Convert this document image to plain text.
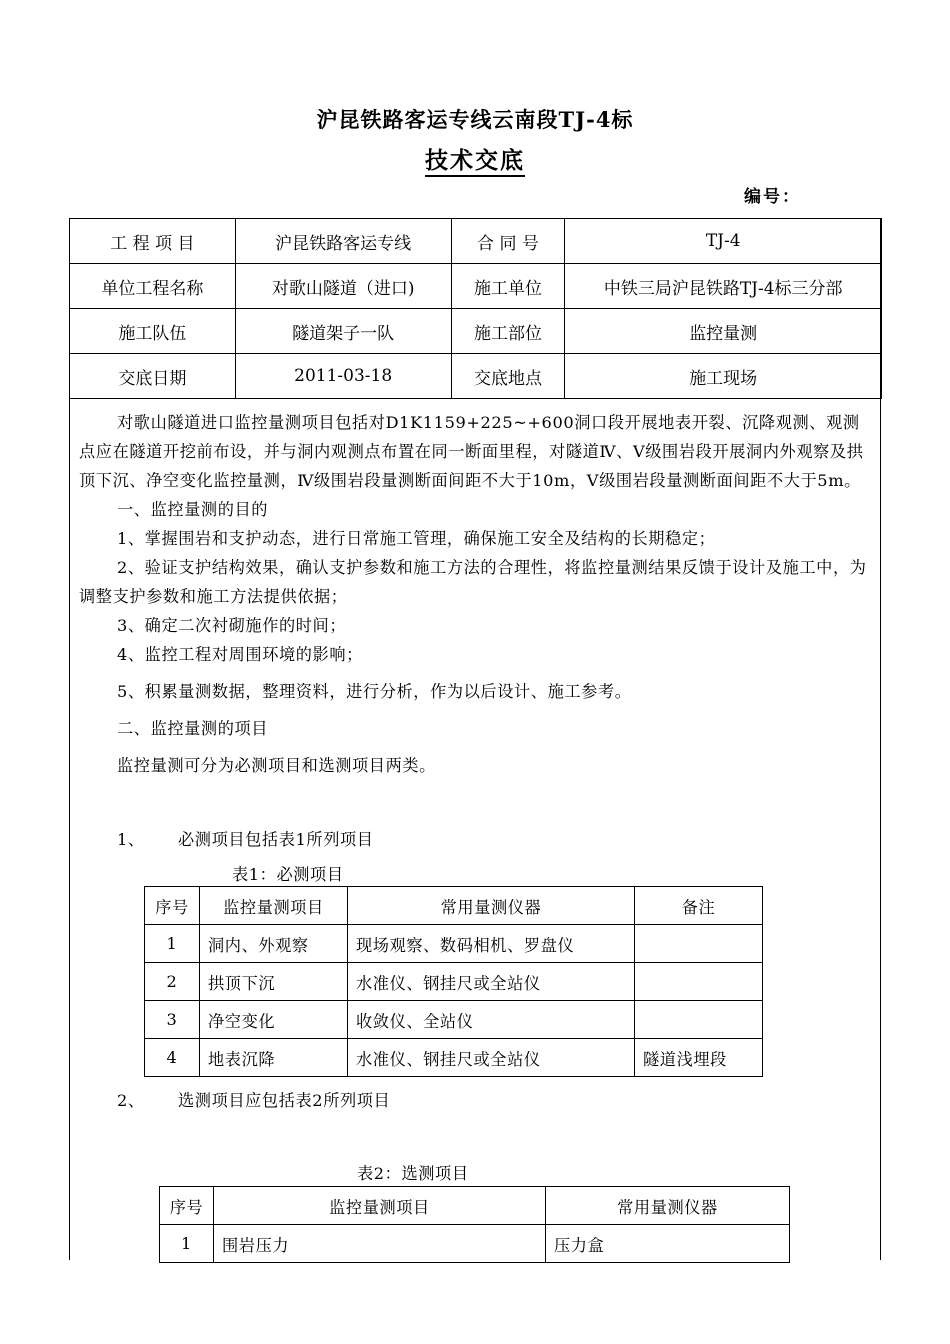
沪昆铁路客运专线云南段TJ-4标
技术交底
编号：
工 程 项 目	沪昆铁路客运专线	合 同 号	TJ-4
单位工程名称	对歌山隧道（进口)	施工单位	中铁三局沪昆铁路TJ-4标三分部
施工队伍	隧道架子一队	施工部位	监控量测
交底日期	2011-03-18	交底地点	施工现场

对歌山隧道进口监控量测项目包括对D1K1159+225~+600洞口段开展地表开裂、沉降观测、观测点应在隧道开挖前布设，并与洞内观测点布置在同一断面里程，对隧道Ⅳ、Ⅴ级围岩段开展洞内外观察及拱顶下沉、净空变化监控量测，Ⅳ级围岩段量测断面间距不大于10m，Ⅴ级围岩段量测断面间距不大于5m。

一、监控量测的目的

1、掌握围岩和支护动态，进行日常施工管理，确保施工安全及结构的长期稳定；

2、验证支护结构效果，确认支护参数和施工方法的合理性，将监控量测结果反馈于设计及施工中，为调整支护参数和施工方法提供依据；

3、确定二次衬砌施作的时间；

4、监控工程对周围环境的影响；

5、积累量测数据，整理资料，进行分析，作为以后设计、施工参考。

二、监控量测的项目

监控量测可分为必测项目和选测项目两类。

1、 必测项目包括表1所列项目
表1：必测项目
序号	监控量测项目	常用量测仪器	备注
1	洞内、外观察	现场观察、数码相机、罗盘仪	
2	拱顶下沉	水准仪、钢挂尺或全站仪	
3	净空变化	收敛仪、全站仪	
4	地表沉降	水准仪、钢挂尺或全站仪	隧道浅埋段
2、 选测项目应包括表2所列项目
表2：选测项目
序号	监控量测项目	常用量测仪器
1	围岩压力	压力盒
